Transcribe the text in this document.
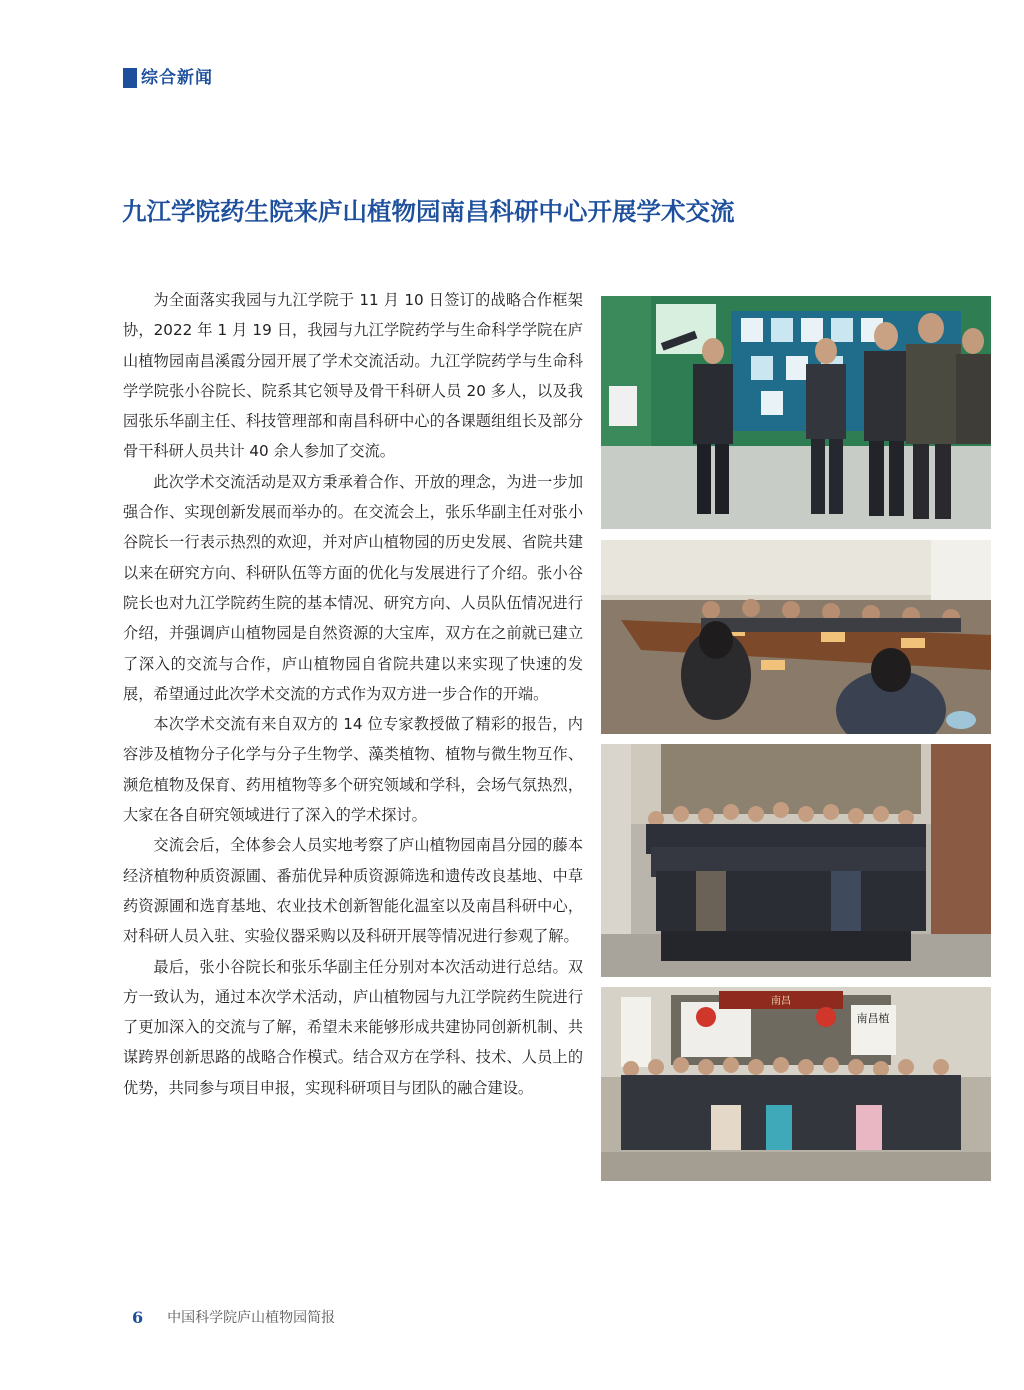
综合新闻
九江学院药生院来庐山植物园南昌科研中心开展学术交流

为全面落实我园与九江学院于 11 月 10 日签订的战略合作框架协，2022 年 1 月 19 日，我园与九江学院药学与生命科学学院在庐山植物园南昌溪霞分园开展了学术交流活动。九江学院药学与生命科学学院张小谷院长、院系其它领导及骨干科研人员 20 多人，以及我园张乐华副主任、科技管理部和南昌科研中心的各课题组组长及部分骨干科研人员共计 40 余人参加了交流。

此次学术交流活动是双方秉承着合作、开放的理念，为进一步加强合作、实现创新发展而举办的。在交流会上，张乐华副主任对张小谷院长一行表示热烈的欢迎，并对庐山植物园的历史发展、省院共建以来在研究方向、科研队伍等方面的优化与发展进行了介绍。张小谷院长也对九江学院药生院的基本情况、研究方向、人员队伍情况进行介绍，并强调庐山植物园是自然资源的大宝库，双方在之前就已建立了深入的交流与合作，庐山植物园自省院共建以来实现了快速的发展，希望通过此次学术交流的方式作为双方进一步合作的开端。

本次学术交流有来自双方的 14 位专家教授做了精彩的报告，内容涉及植物分子化学与分子生物学、藻类植物、植物与微生物互作、濒危植物及保育、药用植物等多个研究领域和学科，会场气氛热烈，大家在各自研究领域进行了深入的学术探讨。

交流会后，全体参会人员实地考察了庐山植物园南昌分园的藤本经济植物种质资源圃、番茄优异种质资源筛选和遗传改良基地、中草药资源圃和选育基地、农业技术创新智能化温室以及南昌科研中心，对科研人员入驻、实验仪器采购以及科研开展等情况进行参观了解。

最后，张小谷院长和张乐华副主任分别对本次活动进行总结。双方一致认为，通过本次学术活动，庐山植物园与九江学院药生院进行了更加深入的交流与了解，希望未来能够形成共建协同创新机制、共谋跨界创新思路的战略合作模式。结合双方在学科、技术、人员上的优势，共同参与项目申报，实现科研项目与团队的融合建设。

南昌植
南昌
6 中国科学院庐山植物园简报
